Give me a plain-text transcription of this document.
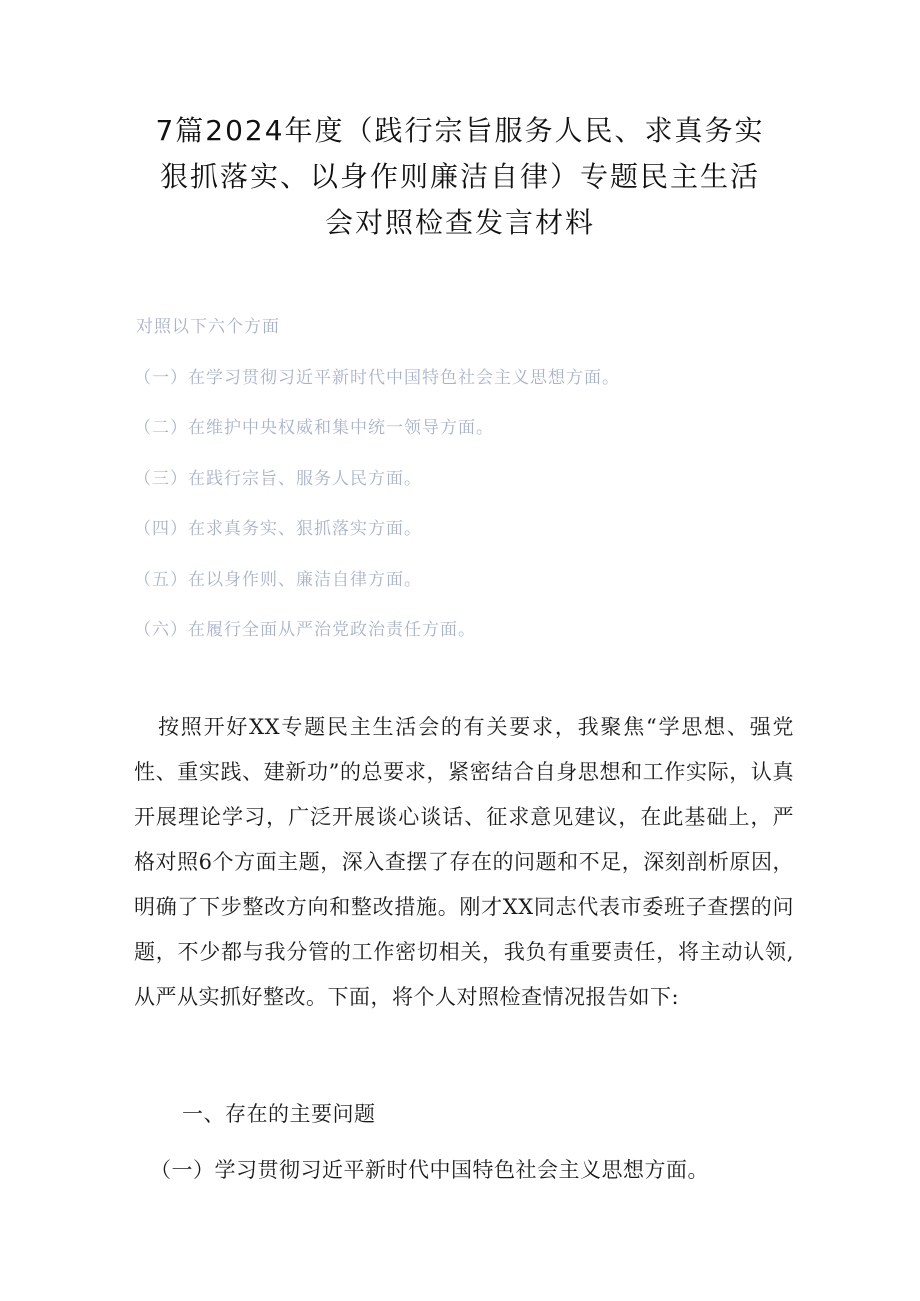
7篇2024年度（践行宗旨服务人民、求真务实
狠抓落实、以身作则廉洁自律）专题民主生活
会对照检查发言材料
对照以下六个方面
（一）在学习贯彻习近平新时代中国特色社会主义思想方面。
（二）在维护中央权威和集中统一领导方面。
（三）在践行宗旨、服务人民方面。
（四）在求真务实、狠抓落实方面。
（五）在以身作则、廉洁自律方面。
（六）在履行全面从严治党政治责任方面。

按照开好XX专题民主生活会的有关要求，我聚焦“学思想、强党性、重实践、建新功”的总要求，紧密结合自身思想和工作实际，认真开展理论学习，广泛开展谈心谈话、征求意见建议，在此基础上，严格对照6个方面主题，深入查摆了存在的问题和不足，深刻剖析原因，明确了下步整改方向和整改措施。刚才XX同志代表市委班子查摆的问题，不少都与我分管的工作密切相关，我负有重要责任，将主动认领,从严从实抓好整改。下面，将个人对照检查情况报告如下:

一、存在的主要问题

（一）学习贯彻习近平新时代中国特色社会主义思想方面。
